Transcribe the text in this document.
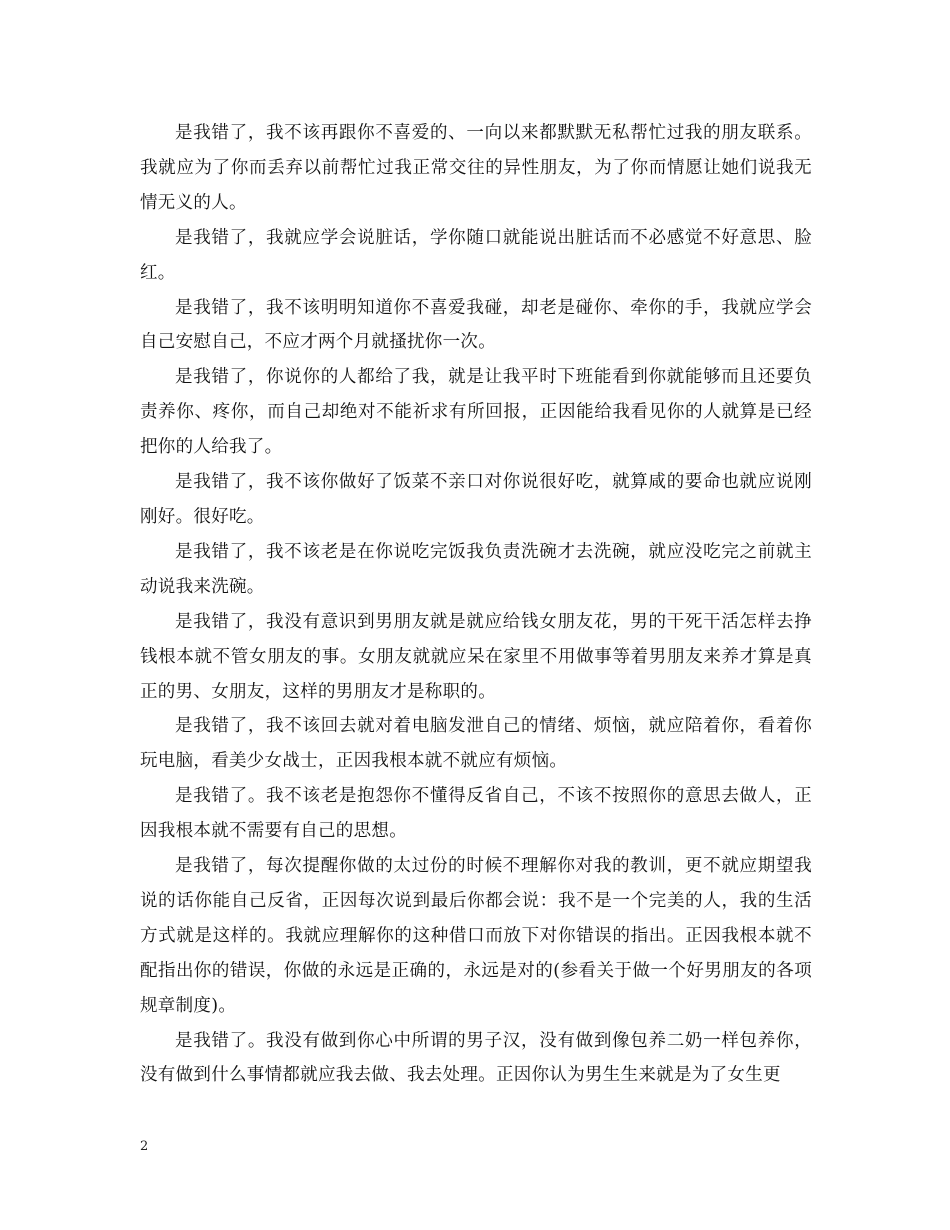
是我错了，我不该再跟你不喜爱的、一向以来都默默无私帮忙过我的朋友联系。我就应为了你而丢弃以前帮忙过我正常交往的异性朋友，为了你而情愿让她们说我无情无义的人。

是我错了，我就应学会说脏话，学你随口就能说出脏话而不必感觉不好意思、脸红。

是我错了，我不该明明知道你不喜爱我碰，却老是碰你、牵你的手，我就应学会自己安慰自己，不应才两个月就搔扰你一次。

是我错了，你说你的人都给了我，就是让我平时下班能看到你就能够而且还要负责养你、疼你，而自己却绝对不能祈求有所回报，正因能给我看见你的人就算是已经把你的人给我了。

是我错了，我不该你做好了饭菜不亲口对你说很好吃，就算咸的要命也就应说刚刚好。很好吃。

是我错了，我不该老是在你说吃完饭我负责洗碗才去洗碗，就应没吃完之前就主动说我来洗碗。

是我错了，我没有意识到男朋友就是就应给钱女朋友花，男的干死干活怎样去挣钱根本就不管女朋友的事。女朋友就就应呆在家里不用做事等着男朋友来养才算是真正的男、女朋友，这样的男朋友才是称职的。

是我错了，我不该回去就对着电脑发泄自己的情绪、烦恼，就应陪着你，看着你玩电脑，看美少女战士，正因我根本就不就应有烦恼。

是我错了。我不该老是抱怨你不懂得反省自己，不该不按照你的意思去做人，正因我根本就不需要有自己的思想。

是我错了，每次提醒你做的太过份的时候不理解你对我的教训，更不就应期望我说的话你能自己反省，正因每次说到最后你都会说：我不是一个完美的人，我的生活方式就是这样的。我就应理解你的这种借口而放下对你错误的指出。正因我根本就不配指出你的错误，你做的永远是正确的，永远是对的(参看关于做一个好男朋友的各项规章制度)。

是我错了。我没有做到你心中所谓的男子汉，没有做到像包养二奶一样包养你，没有做到什么事情都就应我去做、我去处理。正因你认为男生生来就是为了女生更

2
